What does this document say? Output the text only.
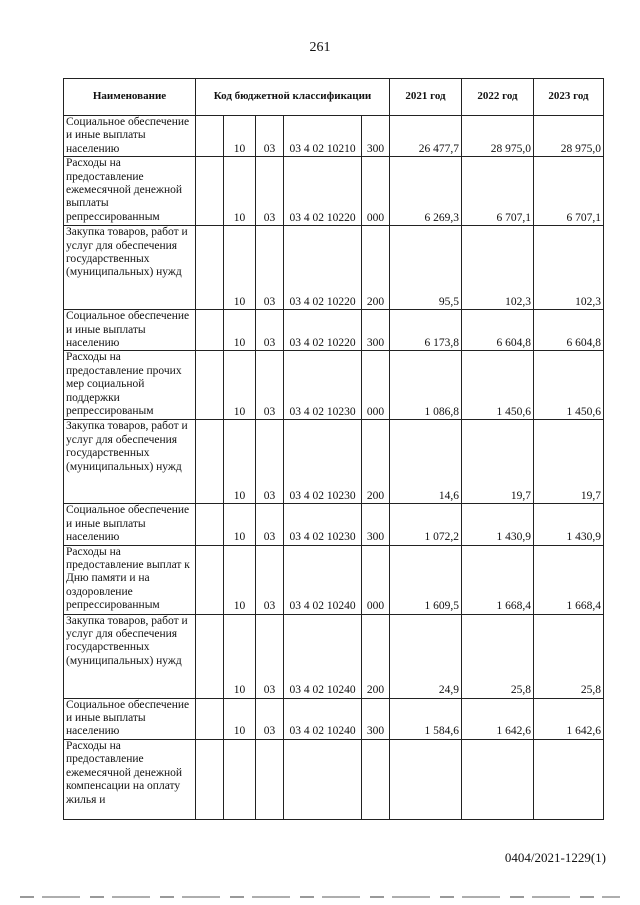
261
Наименование	Код бюджетной классификации					2021 год	2022 год	2023 год
Социальное обеспечение и иные выплаты населению		10	03	03 4 02 10210	300	26 477,7	28 975,0	28 975,0
Расходы на предоставление ежемесячной денежной выплаты репрессированным		10	03	03 4 02 10220	000	6 269,3	6 707,1	6 707,1
Закупка товаров, работ и услуг для обеспечения государственных (муниципальных) нужд		10	03	03 4 02 10220	200	95,5	102,3	102,3
Социальное обеспечение и иные выплаты населению		10	03	03 4 02 10220	300	6 173,8	6 604,8	6 604,8
Расходы на предоставление прочих мер социальной поддержки репрессированым		10	03	03 4 02 10230	000	1 086,8	1 450,6	1 450,6
Закупка товаров, работ и услуг для обеспечения государственных (муниципальных) нужд		10	03	03 4 02 10230	200	14,6	19,7	19,7
Социальное обеспечение и иные выплаты населению		10	03	03 4 02 10230	300	1 072,2	1 430,9	1 430,9
Расходы на предоставление выплат к Дню памяти и на оздоровление репрессированным		10	03	03 4 02 10240	000	1 609,5	1 668,4	1 668,4
Закупка товаров, работ и услуг для обеспечения государственных (муниципальных) нужд		10	03	03 4 02 10240	200	24,9	25,8	25,8
Социальное обеспечение и иные выплаты населению		10	03	03 4 02 10240	300	1 584,6	1 642,6	1 642,6
Расходы на предоставление ежемесячной денежной компенсации на оплату жилья и								
0404/2021-1229(1)
